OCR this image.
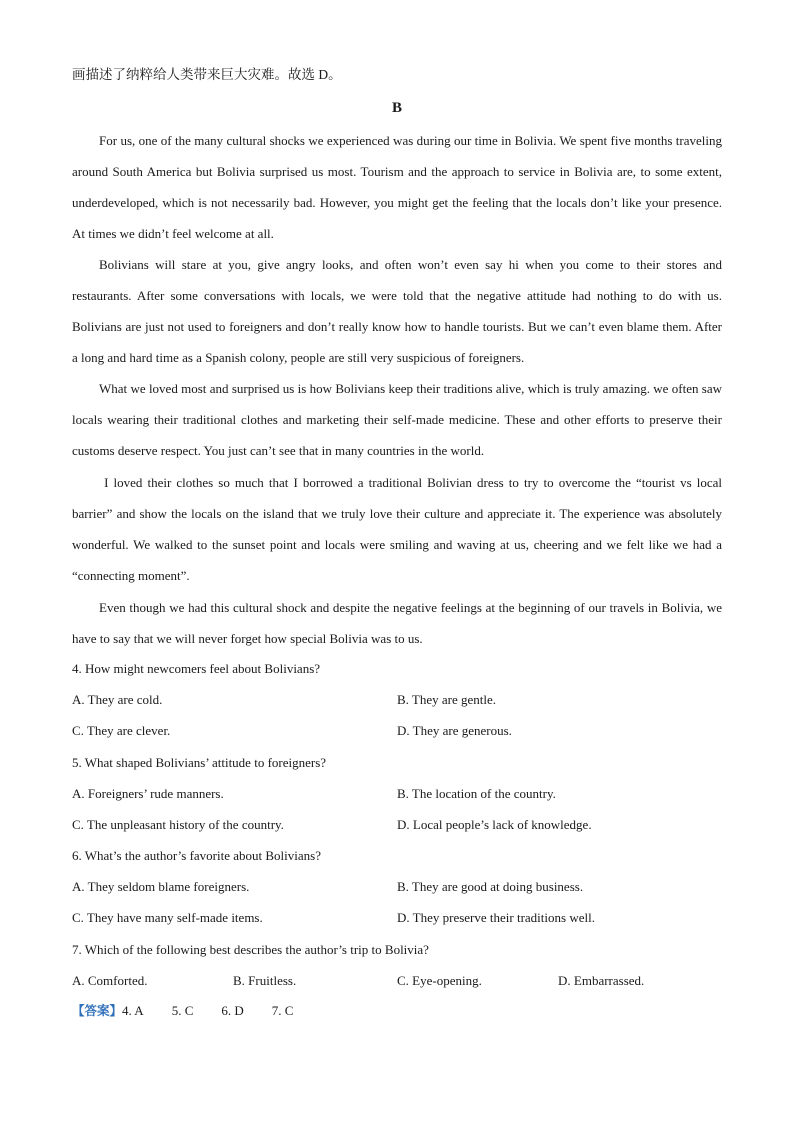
画描述了纳粹给人类带来巨大灾难。故选 D。
B

For us, one of the many cultural shocks we experienced was during our time in Bolivia. We spent five months traveling around South America but Bolivia surprised us most. Tourism and the approach to service in Bolivia are, to some extent, underdeveloped, which is not necessarily bad. However, you might get the feeling that the locals don’t like your presence. At times we didn’t feel welcome at all.

Bolivians will stare at you, give angry looks, and often won’t even say hi when you come to their stores and restaurants. After some conversations with locals, we were told that the negative attitude had nothing to do with us. Bolivians are just not used to foreigners and don’t really know how to handle tourists. But we can’t even blame them. After a long and hard time as a Spanish colony, people are still very suspicious of foreigners.

What we loved most and surprised us is how Bolivians keep their traditions alive, which is truly amazing. we often saw locals wearing their traditional clothes and marketing their self-made medicine. These and other efforts to preserve their customs deserve respect. You just can’t see that in many countries in the world.

I loved their clothes so much that I borrowed a traditional Bolivian dress to try to overcome the “tourist vs local barrier” and show the locals on the island that we truly love their culture and appreciate it. The experience was absolutely wonderful. We walked to the sunset point and locals were smiling and waving at us, cheering and we felt like we had a “connecting moment”.

Even though we had this cultural shock and despite the negative feelings at the beginning of our travels in Bolivia, we have to say that we will never forget how special Bolivia was to us.

4. How might newcomers feel about Bolivians?
A. They are cold.	B. They are gentle.
C. They are clever.	D. They are generous.
5. What shaped Bolivians’ attitude to foreigners?
A. Foreigners’ rude manners.	B. The location of the country.
C. The unpleasant history of the country.	D. Local people’s lack of knowledge.
6. What’s the author’s favorite about Bolivians?
A. They seldom blame foreigners.	B. They are good at doing business.
C. They have many self-made items.	D. They preserve their traditions well.
7. Which of the following best describes the author’s trip to Bolivia?
A. Comforted.	B. Fruitless.	C. Eye-opening.	D. Embarrassed.
【答案】4. A 5. C 6. D 7. C
